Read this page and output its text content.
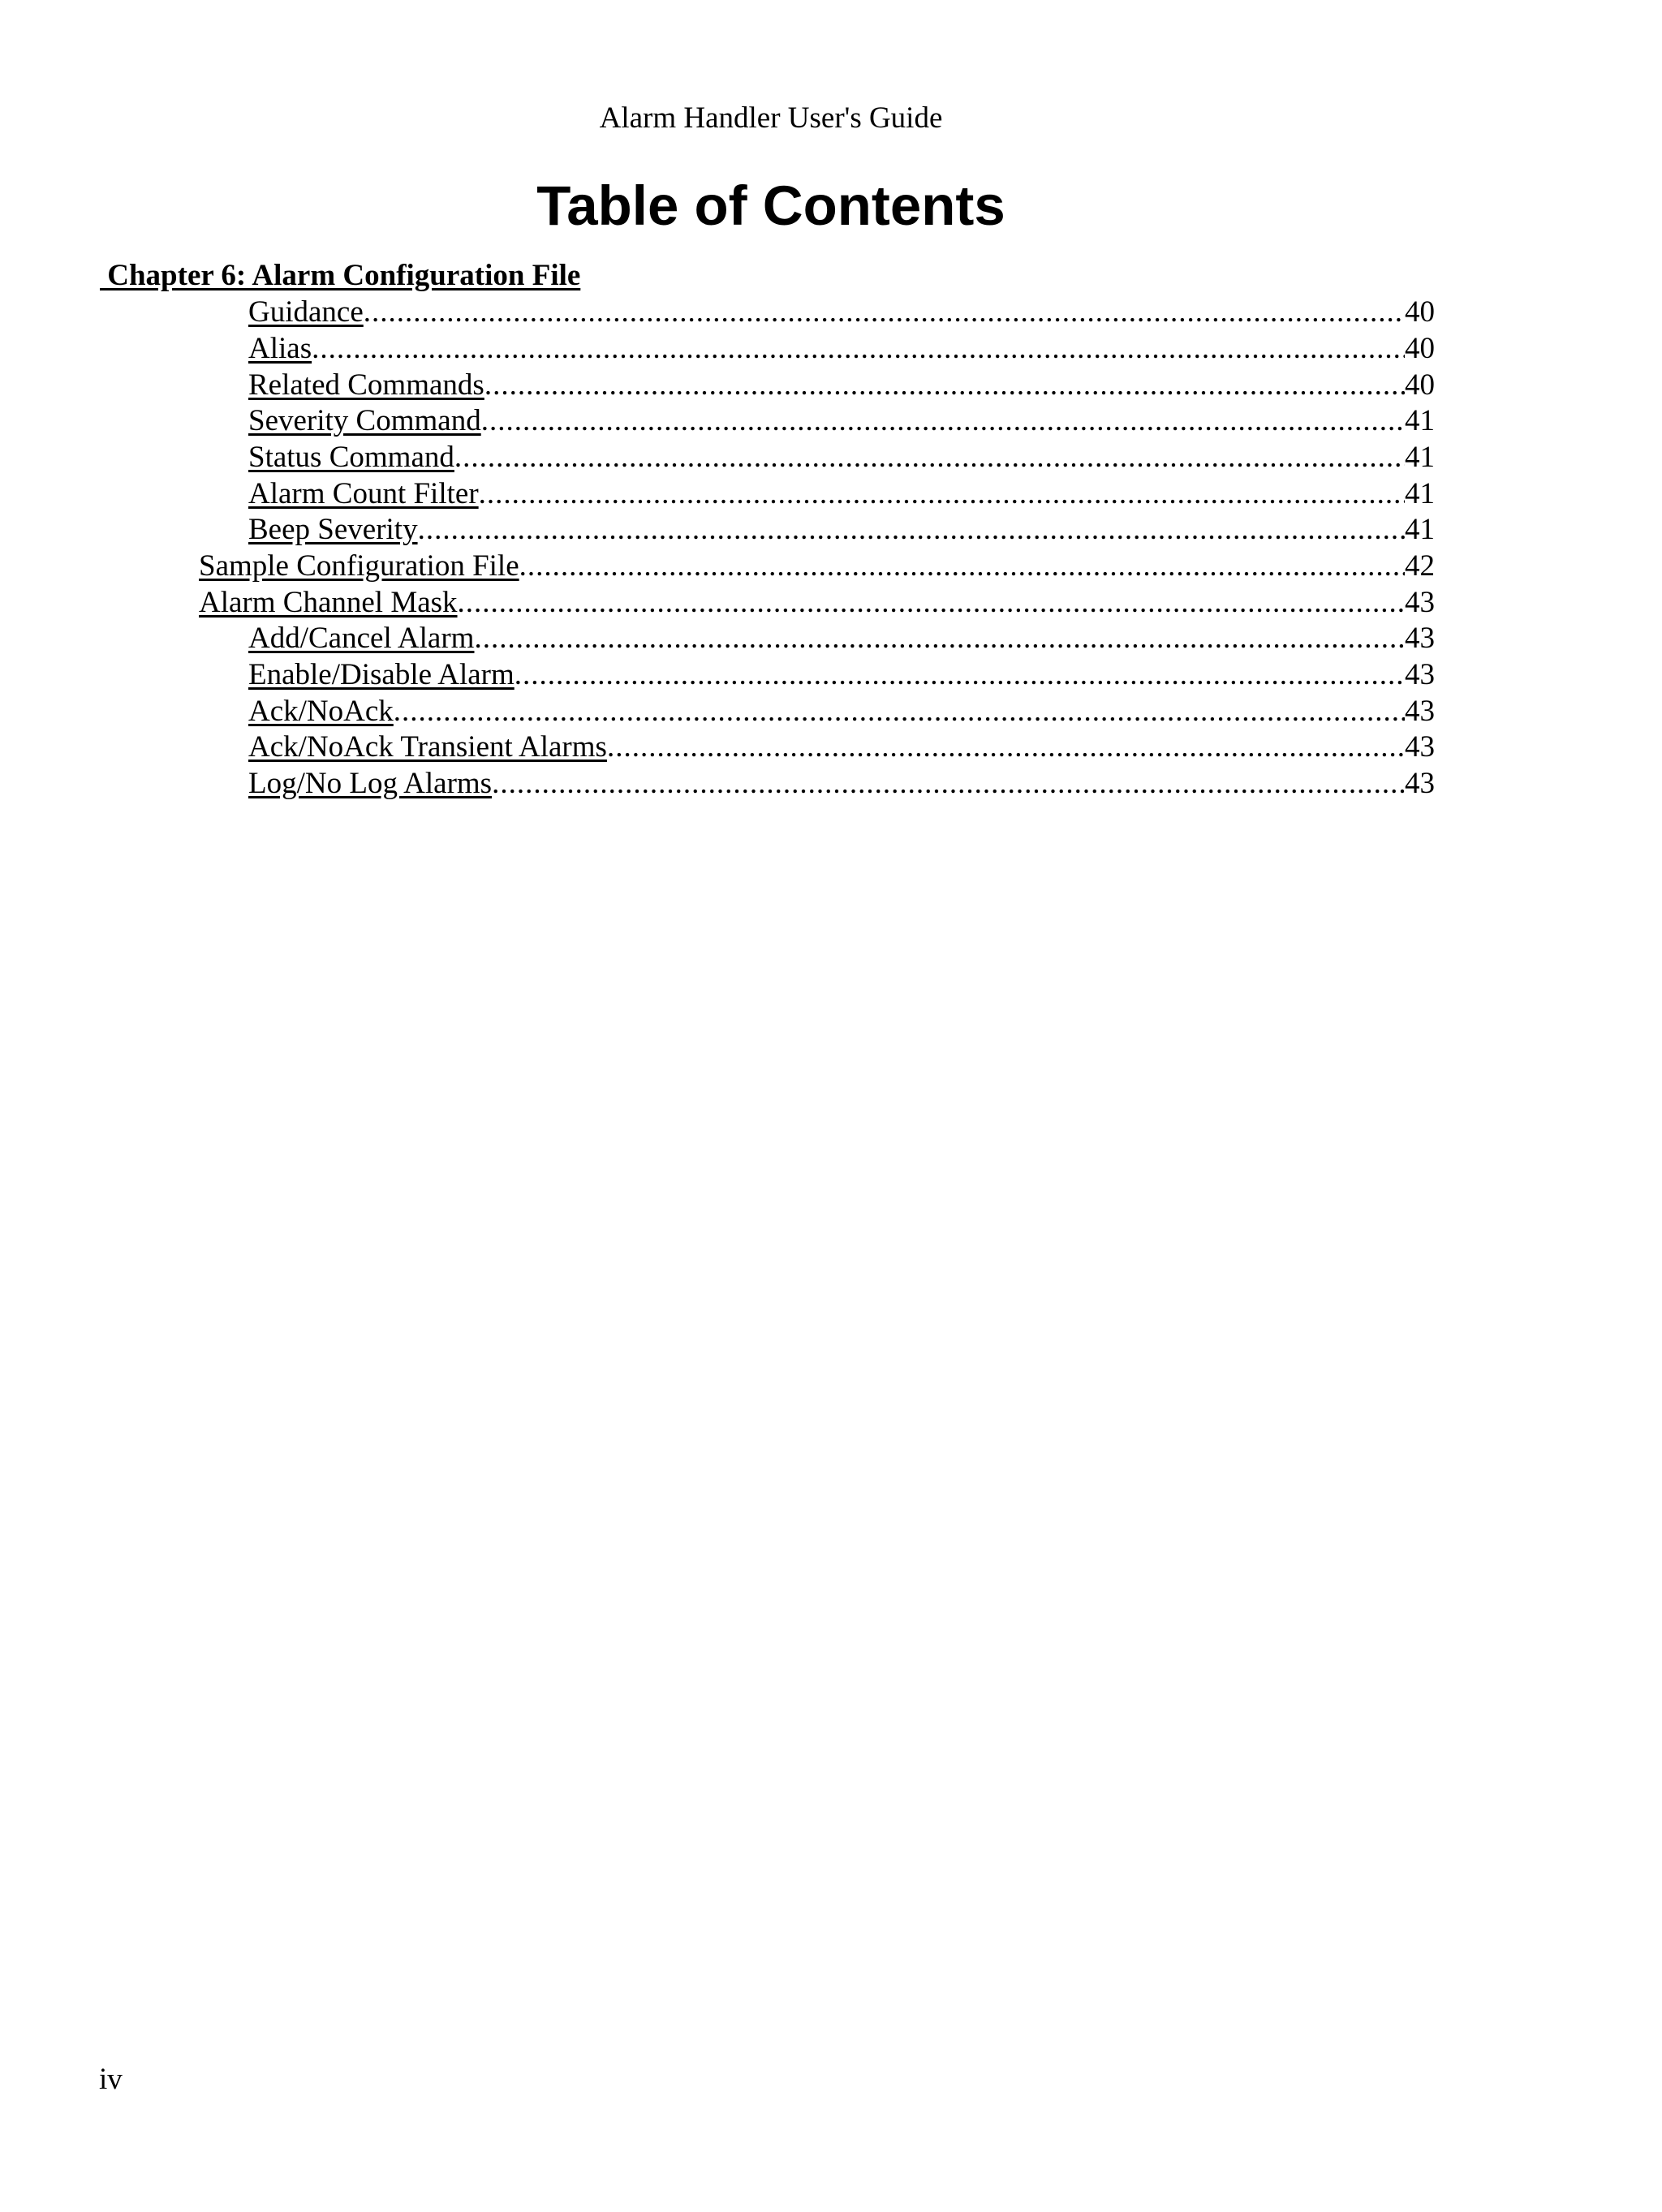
Alarm Handler User's Guide
Table of Contents
Chapter 6: Alarm Configuration File
Guidance .....	40
Alias .....	40
Related Commands .....	40
Severity Command .....	41
Status Command .....	41
Alarm Count Filter .....	41
Beep Severity .....	41
Sample Configuration File .....	42
Alarm Channel Mask .....	43
Add/Cancel Alarm .....	43
Enable/Disable Alarm .....	43
Ack/NoAck .....	43
Ack/NoAck Transient Alarms .....	43
Log/No Log Alarms .....	43
iv
